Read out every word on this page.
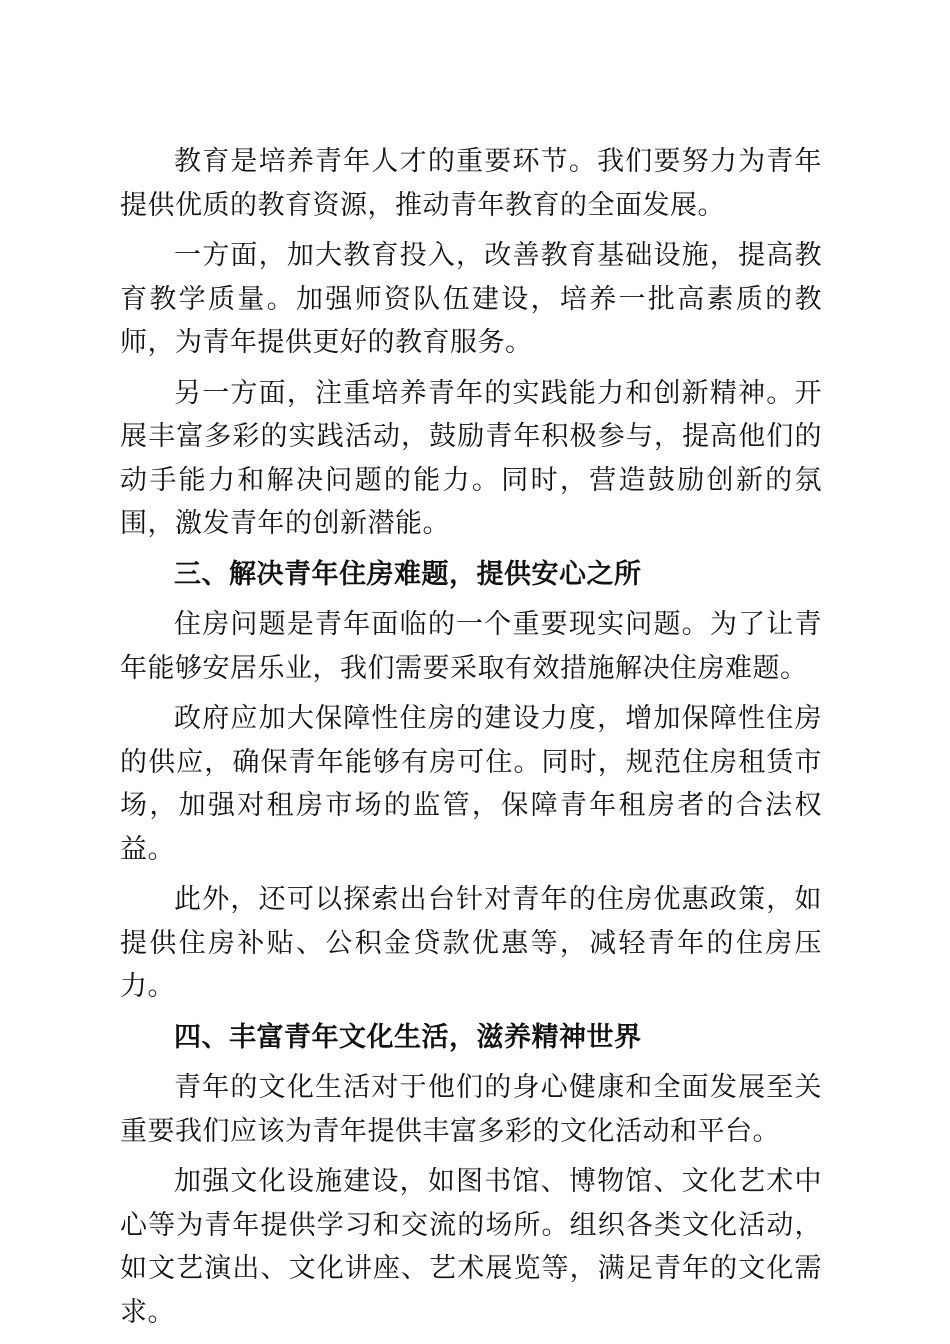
教育是培养青年人才的重要环节。我们要努力为青年提供优质的教育资源，推动青年教育的全面发展。

一方面，加大教育投入，改善教育基础设施，提高教育教学质量。加强师资队伍建设，培养一批高素质的教师，为青年提供更好的教育服务。

另一方面，注重培养青年的实践能力和创新精神。开展丰富多彩的实践活动，鼓励青年积极参与，提高他们的动手能力和解决问题的能力。同时，营造鼓励创新的氛围，激发青年的创新潜能。

三、解决青年住房难题，提供安心之所

住房问题是青年面临的一个重要现实问题。为了让青年能够安居乐业，我们需要采取有效措施解决住房难题。

政府应加大保障性住房的建设力度，增加保障性住房的供应，确保青年能够有房可住。同时，规范住房租赁市场，加强对租房市场的监管，保障青年租房者的合法权益。

此外，还可以探索出台针对青年的住房优惠政策，如提供住房补贴、公积金贷款优惠等，减轻青年的住房压力。

四、丰富青年文化生活，滋养精神世界

青年的文化生活对于他们的身心健康和全面发展至关重要我们应该为青年提供丰富多彩的文化活动和平台。

加强文化设施建设，如图书馆、博物馆、文化艺术中心等为青年提供学习和交流的场所。组织各类文化活动，如文艺演出、文化讲座、艺术展览等，满足青年的文化需求。
